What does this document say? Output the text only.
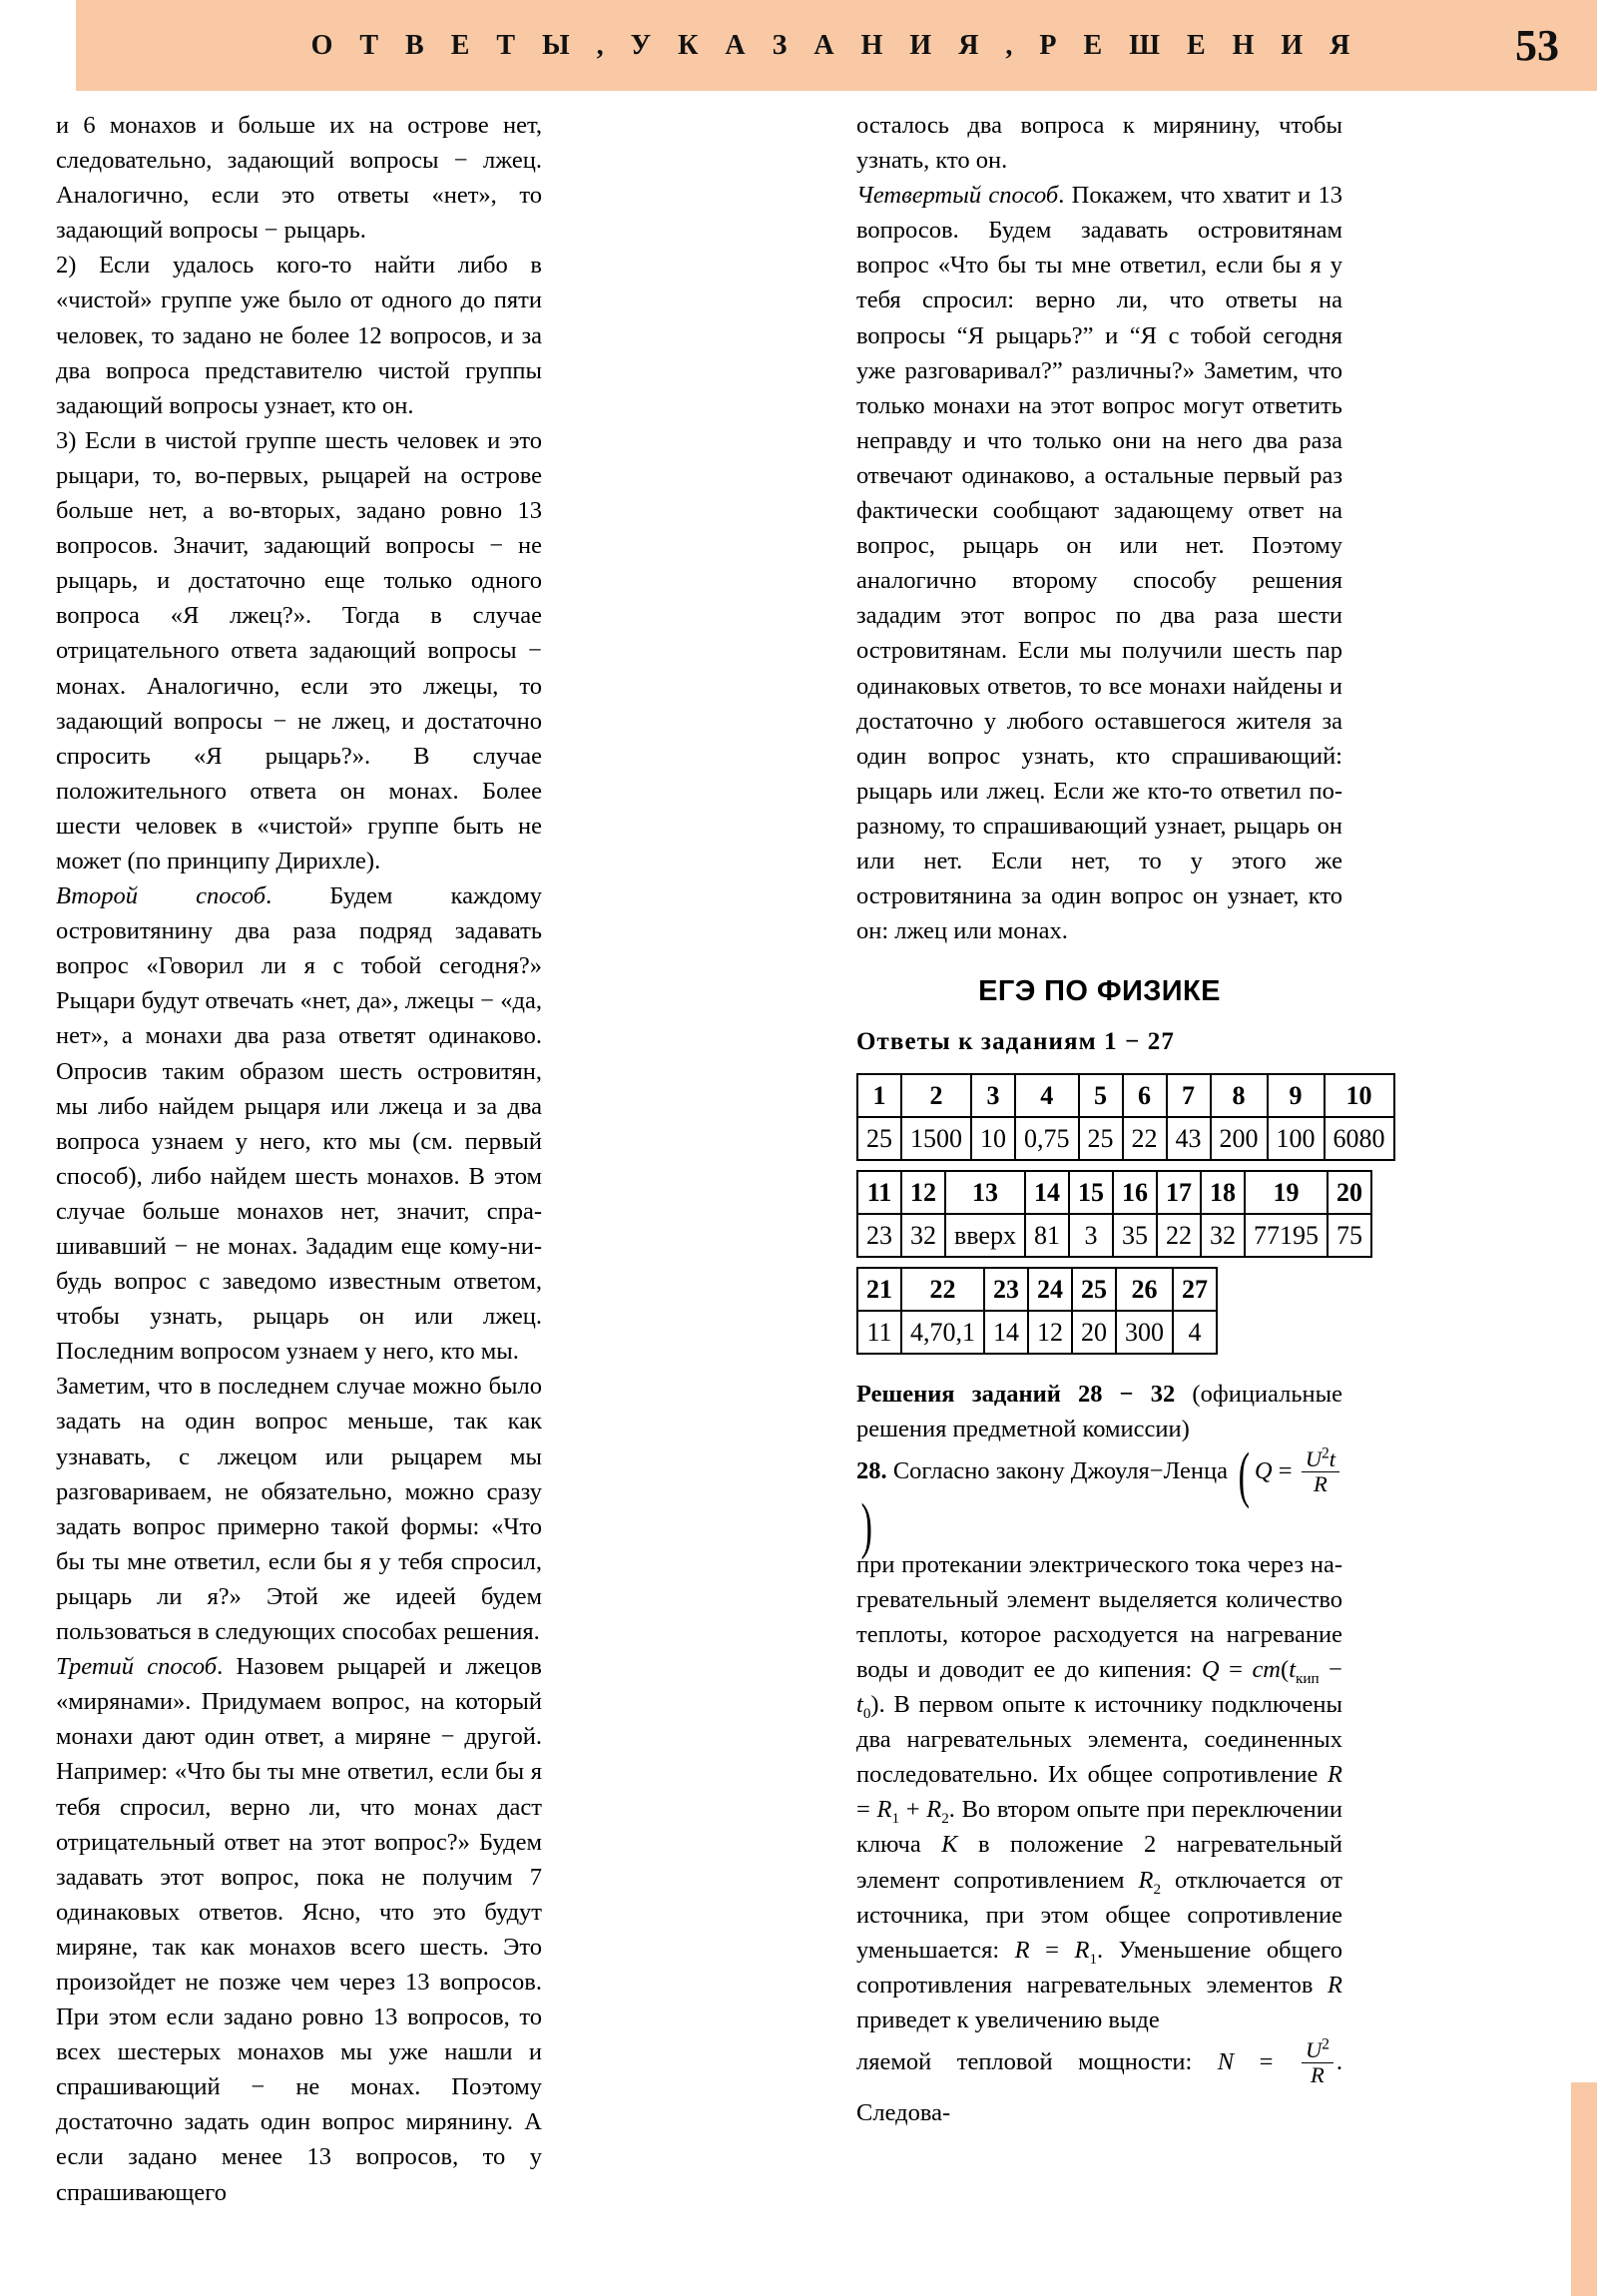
О Т В Е Т Ы , У К А З А Н И Я , Р Е Ш Е Н И Я	53

и 6 монахов и больше их на острове нет, следовательно, задающий вопросы − лжец. Аналогично, если это ответы «нет», то задающий вопросы − рыцарь.

2) Если удалось кого-то найти либо в «чистой» группе уже было от одного до пяти человек, то задано не более 12 вопросов, и за два вопроса представителю чистой группы задающий вопросы узнает, кто он.

3) Если в чистой группе шесть человек и это рыцари, то, во-первых, рыцарей на острове больше нет, а во-вторых, задано ровно 13 вопросов. Значит, задающий вопросы − не рыцарь, и достаточно еще только одного вопроса «Я лжец?». Тогда в случае отрицательного ответа задающий вопросы − монах. Аналогично, если это лжецы, то задающий вопросы − не лжец, и достаточно спросить «Я рыцарь?». В случае положительного ответа он монах. Более шести человек в «чистой» группе быть не может (по принципу Дирихле).

Второй способ. Будем каждому островитянину два раза подряд задавать вопрос «Говорил ли я с тобой сегодня?» Рыцари будут отвечать «нет, да», лжецы − «да, нет», а монахи два раза ответят одинаково. Опросив таким образом шесть островитян, мы либо найдем рыцаря или лжеца и за два вопроса узнаем у него, кто мы (см. первый способ), либо найдем шесть монахов. В этом случае больше монахов нет, значит, спрашивавший − не монах. Зададим еще кому-нибудь вопрос с заведомо известным ответом, чтобы узнать, рыцарь он или лжец. Последним вопросом узнаем у него, кто мы.

Заметим, что в последнем случае можно было задать на один вопрос меньше, так как узнавать, с лжецом или рыцарем мы разговариваем, не обязательно, можно сразу задать вопрос примерно такой формы: «Что бы ты мне ответил, если бы я у тебя спросил, рыцарь ли я?» Этой же идеей будем пользоваться в следующих способах решения.

Третий способ. Назовем рыцарей и лжецов «мирянами». Придумаем вопрос, на который монахи дают один ответ, а миряне − другой. Например: «Что бы ты мне ответил, если бы я тебя спросил, верно ли, что монах даст отрицательный ответ на этот вопрос?» Будем задавать этот вопрос, пока не получим 7 одинаковых ответов. Ясно, что это будут миряне, так как монахов всего шесть. Это произойдет не позже чем через 13 вопросов. При этом если задано ровно 13 вопросов, то всех шестерых монахов мы уже нашли и спрашивающий − не монах. Поэтому достаточно задать один вопрос мирянину. А если задано менее 13 вопросов, то у спрашивающего

осталось два вопроса к мирянину, чтобы узнать, кто он.

Четвертый способ. Покажем, что хватит и 13 вопросов. Будем задавать островитянам вопрос «Что бы ты мне ответил, если бы я у тебя спросил: верно ли, что ответы на вопросы “Я рыцарь?” и “Я с тобой сегодня уже разговаривал?” различны?» Заметим, что только монахи на этот вопрос могут ответить неправду и что только они на него два раза отвечают одинаково, а остальные первый раз фактически сообщают задающему ответ на вопрос, рыцарь он или нет. Поэтому аналогично второму способу решения зададим этот вопрос по два раза шести островитянам. Если мы получили шесть пар одинаковых ответов, то все монахи найдены и достаточно у любого оставшегося жителя за один вопрос узнать, кто спрашивающий: рыцарь или лжец. Если же кто-то ответил по-разному, то спрашивающий узнает, рыцарь он или нет. Если нет, то у этого же островитянина за один вопрос он узнает, кто он: лжец или монах.

ЕГЭ ПО ФИЗИКЕ
Ответы к заданиям 1 − 27
1	2	3	4	5	6	7	8	9	10
25	1500	10	0,75	25	22	43	200	100	6080
11	12	13	14	15	16	17	18	19	20
23	32	вверх	81	3	35	22	32	77195	75
21	22	23	24	25	26	27
11	4,70,1	14	12	20	300	4

Решения заданий 28 − 32 (официальные решения предметной комиссии)

28. Согласно закону Джоуля−Ленца ( $Q = \frac{U^2t}{R}$
)

при протекании электрического тока через нагревательный элемент выделяется количество теплоты, которое расходуется на нагревание воды и доводит ее до кипения: $Q = cm(t_{кип} - t_0)$. В первом опыте к источнику подключены два нагревательных элемента, соединенных последовательно. Их общее сопротивление $R = R_1 + R_2$. Во втором опыте при переключении ключа K в положение 2 нагревательный элемент сопротивлением $R_2$ отключается от источника, при этом общее сопротивление уменьшается: $R = R_1$. Уменьшение общего сопротивления нагревательных элементов R приведет к увеличению выде

ляемой тепловой мощности: $N = \frac{U^2}{R}$ . Следова-
